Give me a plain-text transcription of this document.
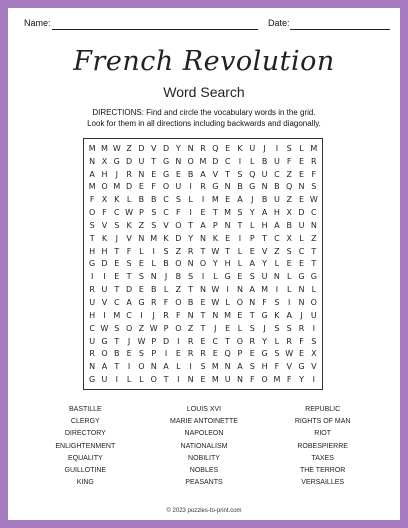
Name:	Date:
French Revolution
Word Search
DIRECTIONS: Find and circle the vocabulary words in the grid.
Look for them in all directions including backwards and diagonally.
M M W Z D V D Y N R Q E K U	J	I	S L M
N X G D U T G N O M D C	I	L B U F E R
A H	J	R N E G E B A V T S Q U C Z E F
M O M D E F O U	I	R G N B G N B Q N S
F X K L B B C S L	I M E A	J	B U Z E W
O F C W P S C F	I	E T M S Y A H X D C
S V S K Z S V O T A P N T L H A B U N
T K	J	V N M K D Y N K E	I	P T C X L Z
H H T F L	I	S Z R T W T L E V Z S C T
G D E S E L B O N O Y H L A Y L E E T
I	I	E T S N	J	B S	I	L G E S U N L G G
R U T D E B L Z T N W I	N A M I	L N L
U V C A G R F O B E W L O N F S	I	N O
H	I M C	I	J	R F N T N M E T G K A	J	U
C W S O Z W P O Z T	J	E L S	J	S S R	I
U G T	J W P D	I	R E C T O R Y L R F S
R O B E S P	I	E R R E Q P E G S W E X
N A T	I	O N A L	I	S M N A S H F V G V
G U	I	L L O T	I	N E M U N F O M F Y	I
BASTILLE	LOUIS XVI	REPUBLIC
CLERGY	MARIE ANTOINETTE	RIGHTS OF MAN
DIRECTORY	NAPOLEON	RIOT
ENLIGHTENMENT	NATIONALISM	ROBESPIERRE
EQUALITY	NOBILITY	TAXES
GUILLOTINE	NOBLES	THE TERROR
KING	PEASANTS	VERSAILLES
© 2023 puzzles-to-print.com
